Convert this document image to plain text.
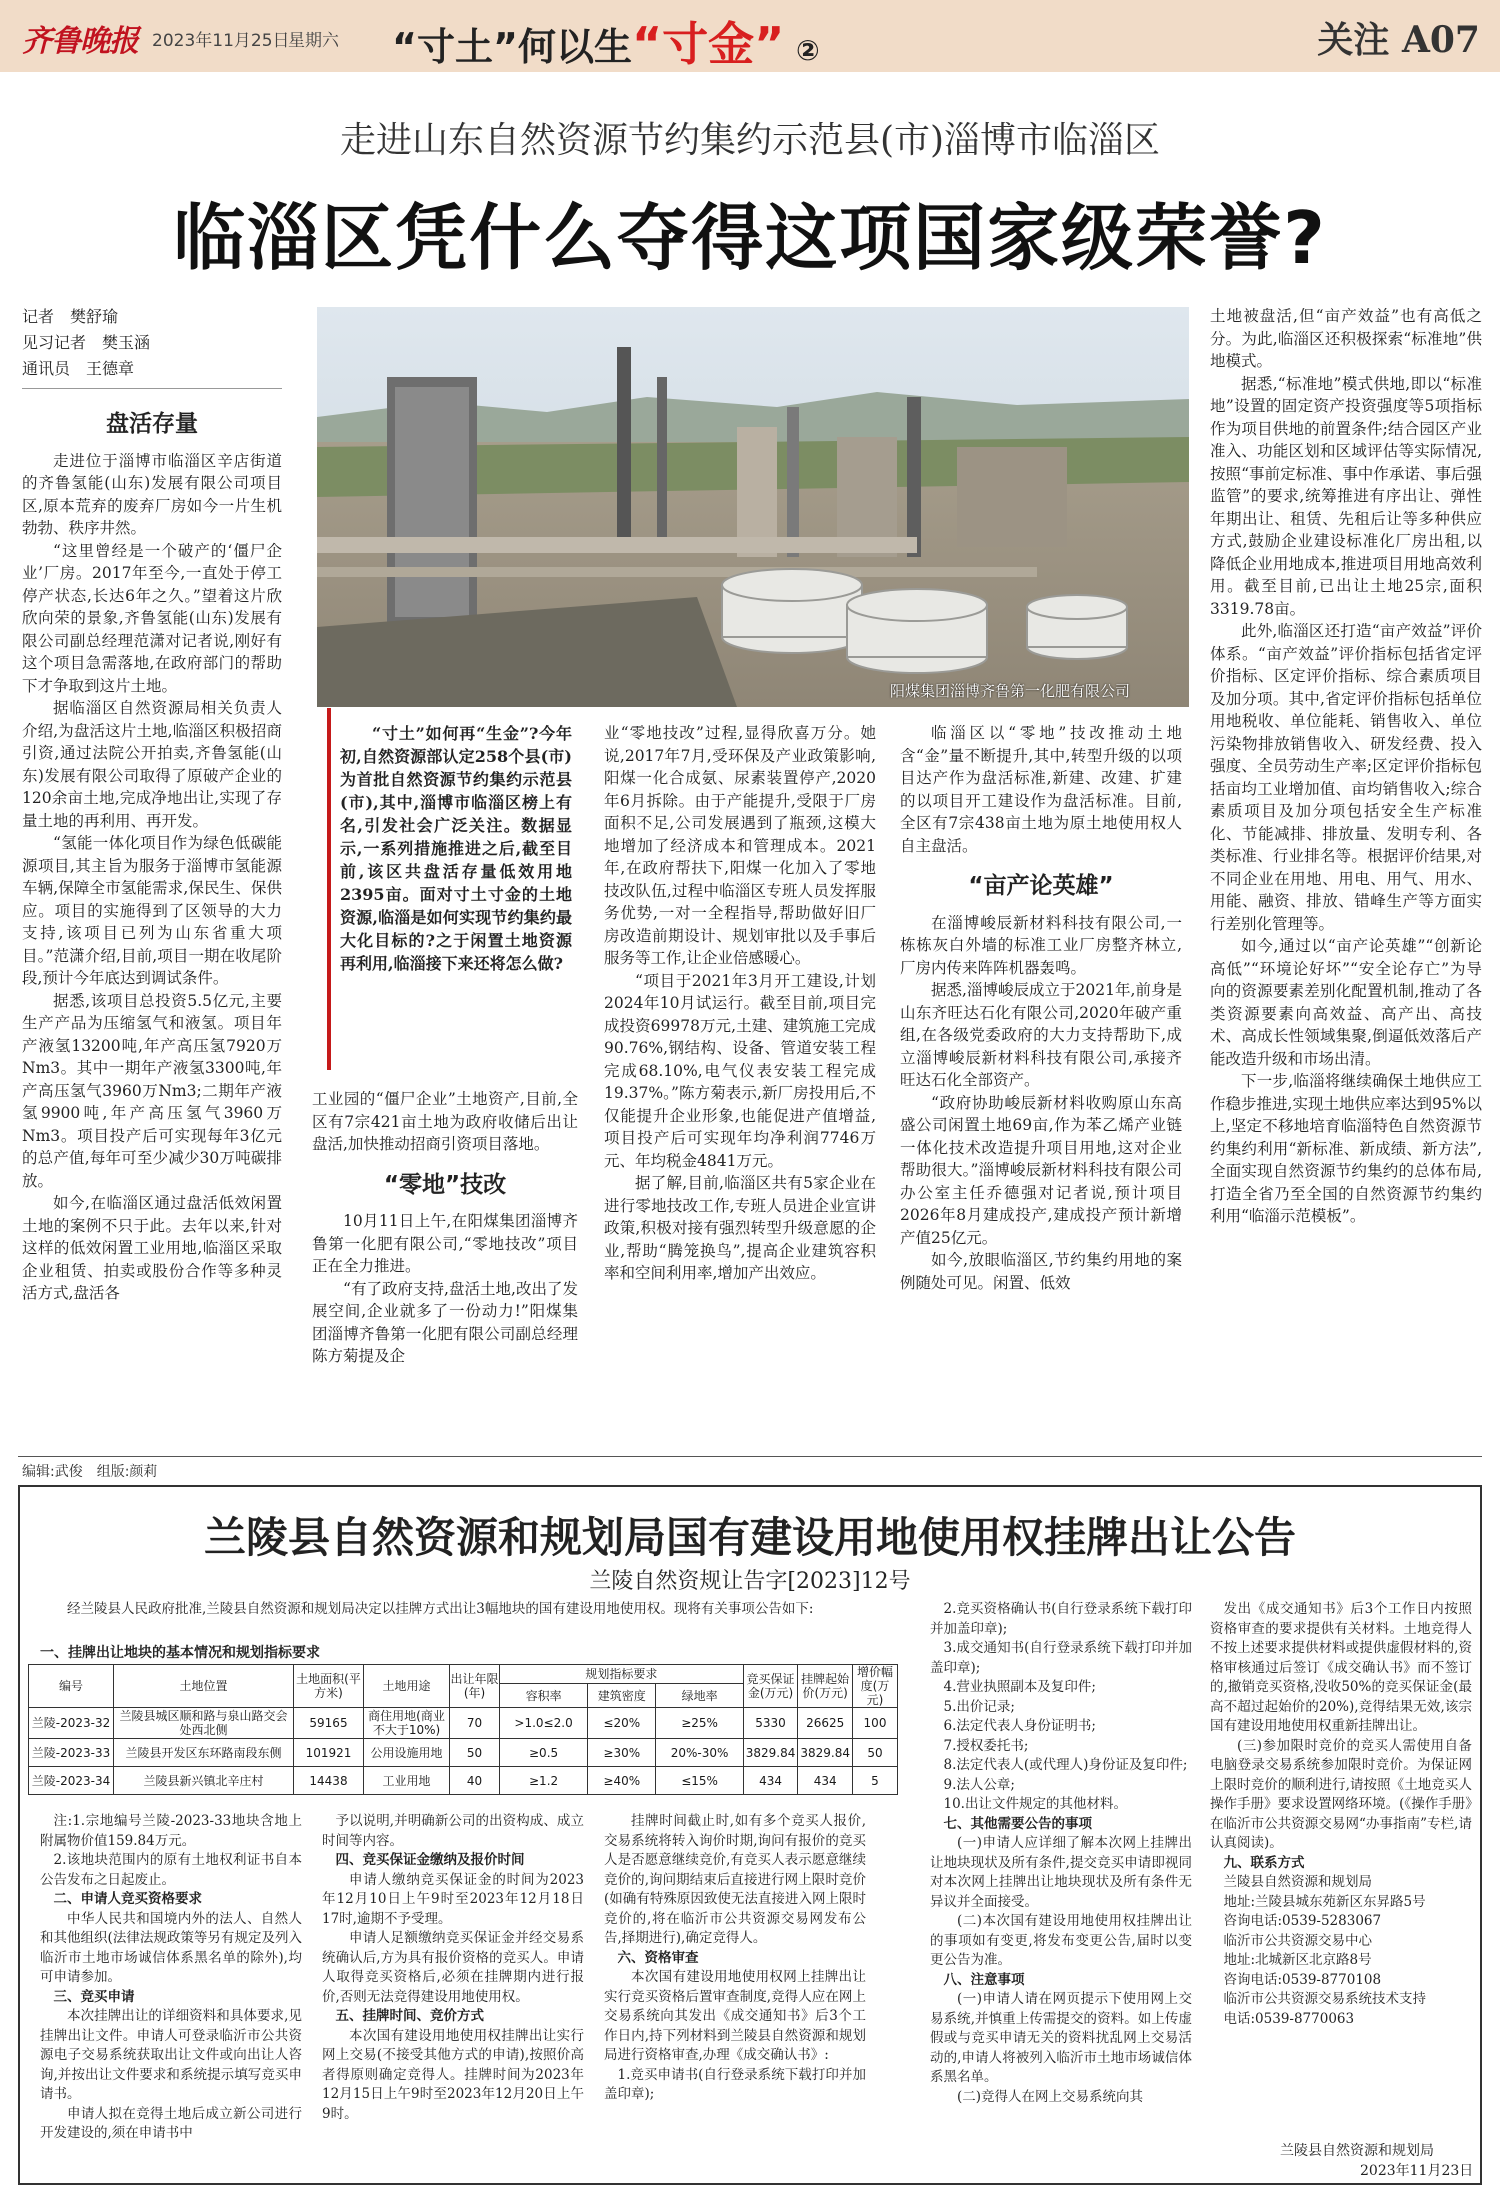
齐鲁晚报 2023年11月25日
星期六 “寸土”何以生“寸金” ②	关注 A07
走进山东自然资源节约集约示范县(市)淄博市临淄区
临淄区凭什么夺得这项国家级荣誉?
记者　樊舒瑜
见习记者　樊玉涵
通讯员　王德章
阳煤集团淄博齐鲁第一化肥有限公司
“寸土”如何再“生金”?今年初,自然资源部认定258个县(市)为首批自然资源节约集约示范县(市),其中,淄博市临淄区榜上有名,引发社会广泛关注。数据显示,一系列措施推进之后,截至目前,该区共盘活存量低效用地2395亩。面对寸土寸金的土地资源,临淄是如何实现节约集约最大化目标的?之于闲置土地资源再利用,临淄接下来还将怎么做?

盘活存量

走进位于淄博市临淄区辛店街道的齐鲁氢能(山东)发展有限公司项目区,原本荒弃的废弃厂房如今一片生机勃勃、秩序井然。

“这里曾经是一个破产的‘僵尸企业’厂房。2017年至今,一直处于停工停产状态,长达6年之久。”望着这片欣欣向荣的景象,齐鲁氢能(山东)发展有限公司副总经理范潇对记者说,刚好有这个项目急需落地,在政府部门的帮助下才争取到这片土地。

据临淄区自然资源局相关负责人介绍,为盘活这片土地,临淄区积极招商引资,通过法院公开拍卖,齐鲁氢能(山东)发展有限公司取得了原破产企业的120余亩土地,完成净地出让,实现了存量土地的再利用、再开发。

“氢能一体化项目作为绿色低碳能源项目,其主旨为服务于淄博市氢能源车辆,保障全市氢能需求,保民生、保供应。项目的实施得到了区领导的大力支持,该项目已列为山东省重大项目。”范潇介绍,目前,项目一期在收尾阶段,预计今年底达到调试条件。

据悉,该项目总投资5.5亿元,主要生产产品为压缩氢气和液氢。项目年产液氢13200吨,年产高压氢7920万Nm3。其中一期年产液氢3300吨,年产高压氢气3960万Nm3;二期年产液氢9900吨,年产高压氢气3960万Nm3。项目投产后可实现每年3亿元的总产值,每年可至少减少30万吨碳排放。

如今,在临淄区通过盘活低效闲置土地的案例不只于此。去年以来,针对这样的低效闲置工业用地,临淄区采取企业租赁、拍卖或股份合作等多种灵活方式,盘活各

工业园的“僵尸企业”土地资产,目前,全区有7宗421亩土地为政府收储后出让盘活,加快推动招商引资项目落地。

“零地”技改

10月11日上午,在阳煤集团淄博齐鲁第一化肥有限公司,“零地技改”项目正在全力推进。

“有了政府支持,盘活土地,改出了发展空间,企业就多了一份动力!”阳煤集团淄博齐鲁第一化肥有限公司副总经理陈方菊提及企

业“零地技改”过程,显得欣喜万分。她说,2017年7月,受环保及产业政策影响,阳煤一化合成氨、尿素装置停产,2020年6月拆除。由于产能提升,受限于厂房面积不足,公司发展遇到了瓶颈,这模大地增加了经济成本和管理成本。2021年,在政府帮扶下,阳煤一化加入了零地技改队伍,过程中临淄区专班人员发挥服务优势,一对一全程指导,帮助做好旧厂房改造前期设计、规划审批以及手事后服务等工作,让企业倍感暖心。

“项目于2021年3月开工建设,计划2024年10月试运行。截至目前,项目完成投资69978万元,土建、建筑施工完成90.76%,钢结构、设备、管道安装工程完成68.10%,电气仪表安装工程完成19.37%。”陈方菊表示,新厂房投用后,不仅能提升企业形象,也能促进产值增益,项目投产后可实现年均净利润7746万元、年均税金4841万元。

据了解,目前,临淄区共有5家企业在进行零地技改工作,专班人员进企业宣讲政策,积极对接有强烈转型升级意愿的企业,帮助“腾笼换鸟”,提高企业建筑容积率和空间利用率,增加产出效应。

临淄区以“零地”技改推动土地含“金”量不断提升,其中,转型升级的以项目达产作为盘活标准,新建、改建、扩建的以项目开工建设作为盘活标准。目前,全区有7宗438亩土地为原土地使用权人自主盘活。

“亩产论英雄”

在淄博峻辰新材料科技有限公司,一栋栋灰白外墙的标准工业厂房整齐林立,厂房内传来阵阵机器轰鸣。

据悉,淄博峻辰成立于2021年,前身是山东齐旺达石化有限公司,2020年破产重组,在各级党委政府的大力支持帮助下,成立淄博峻辰新材料科技有限公司,承接齐旺达石化全部资产。

“政府协助峻辰新材料收购原山东高盛公司闲置土地69亩,作为苯乙烯产业链一体化技术改造提升项目用地,这对企业帮助很大。”淄博峻辰新材料科技有限公司办公室主任乔德强对记者说,预计项目2026年8月建成投产,建成投产预计新增产值25亿元。

如今,放眼临淄区,节约集约用地的案例随处可见。闲置、低效

土地被盘活,但“亩产效益”也有高低之分。为此,临淄区还积极探索“标准地”供地模式。

据悉,“标准地”模式供地,即以“标准地”设置的固定资产投资强度等5项指标作为项目供地的前置条件;结合园区产业准入、功能区划和区域评估等实际情况,按照“事前定标准、事中作承诺、事后强监管”的要求,统筹推进有序出让、弹性年期出让、租赁、先租后让等多种供应方式,鼓励企业建设标准化厂房出租,以降低企业用地成本,推进项目用地高效利用。截至目前,已出让土地25宗,面积3319.78亩。

此外,临淄区还打造“亩产效益”评价体系。“亩产效益”评价指标包括省定评价指标、区定评价指标、综合素质项目及加分项。其中,省定评价指标包括单位用地税收、单位能耗、销售收入、单位污染物排放销售收入、研发经费、投入强度、全员劳动生产率;区定评价指标包括亩均工业增加值、亩均销售收入;综合素质项目及加分项包括安全生产标准化、节能减排、排放量、发明专利、各类标准、行业排名等。根据评价结果,对不同企业在用地、用电、用气、用水、用能、融资、排放、错峰生产等方面实行差别化管理等。

如今,通过以“亩产论英雄”“创新论高低”“环境论好坏”“安全论存亡”为导向的资源要素差别化配置机制,推动了各类资源要素向高效益、高产出、高技术、高成长性领域集聚,倒逼低效落后产能改造升级和市场出清。

下一步,临淄将继续确保土地供应工作稳步推进,实现土地供应率达到95%以上,坚定不移地培育临淄特色自然资源节约集约利用“新标准、新成绩、新方法”,全面实现自然资源节约集约的总体布局,打造全省乃至全国的自然资源节约集约利用“临淄示范模板”。

编辑:武俊　组版:颜莉
兰陵县自然资源和规划局国有建设用地使用权挂牌出让公告
兰陵自然资规让告字[2023]12号
经兰陵县人民政府批准,兰陵县自然资源和规划局决定以挂牌方式出让3幅地块的国有建设用地使用权。现将有关事项公告如下:
一、挂牌出让地块的基本情况和规划指标要求
编号	土地位置	土地面积(平方米)	土地用途	出让年限(年)	规划指标要求			竞买保证金(万元)	挂牌起始价(万元)	增价幅度(万元)
					容积率	建筑密度	绿地率			
兰陵-2023-32	兰陵县城区顺和路与泉山路交会处西北侧	59165	商住用地(商业不大于10%)	70	>1.0≤2.0	≤20%	≥25%	5330	26625	100
兰陵-2023-33	兰陵县开发区东环路南段东侧	101921	公用设施用地	50	≥0.5	≥30%	20%-30%	3829.84	3829.84	50
兰陵-2023-34	兰陵县新兴镇北辛庄村	14438	工业用地	40	≥1.2	≥40%	≤15%	434	434	5

注:1.宗地编号兰陵-2023-33地块含地上附属物价值159.84万元。

2.该地块范围内的原有土地权利证书自本公告发布之日起废止。

二、申请人竞买资格要求

中华人民共和国境内外的法人、自然人和其他组织(法律法规政策等另有规定及列入临沂市土地市场诚信体系黑名单的除外),均可申请参加。

三、竞买申请

本次挂牌出让的详细资料和具体要求,见挂牌出让文件。申请人可登录临沂市公共资源电子交易系统获取出让文件或向出让人咨询,并按出让文件要求和系统提示填写竞买申请书。

申请人拟在竞得土地后成立新公司进行开发建设的,须在申请书中

予以说明,并明确新公司的出资构成、成立时间等内容。

四、竞买保证金缴纳及报价时间

申请人缴纳竞买保证金的时间为2023年12月10日上午9时至2023年12月18日17时,逾期不予受理。

申请人足额缴纳竞买保证金并经交易系统确认后,方为具有报价资格的竞买人。申请人取得竞买资格后,必须在挂牌期内进行报价,否则无法竞得建设用地使用权。

五、挂牌时间、竞价方式

本次国有建设用地使用权挂牌出让实行网上交易(不接受其他方式的申请),按照价高者得原则确定竞得人。挂牌时间为2023年12月15日上午9时至2023年12月20日上午9时。

挂牌时间截止时,如有多个竞买人报价,交易系统将转入询价时期,询问有报价的竞买人是否愿意继续竞价,有竞买人表示愿意继续竞价的,询问期结束后直接进行网上限时竞价(如确有特殊原因致使无法直接进入网上限时竞价的,将在临沂市公共资源交易网发布公告,择期进行),确定竞得人。

六、资格审查

本次国有建设用地使用权网上挂牌出让实行竞买资格后置审查制度,竞得人应在网上交易系统向其发出《成交通知书》后3个工作日内,持下列材料到兰陵县自然资源和规划局进行资格审查,办理《成交确认书》:

1.竞买申请书(自行登录系统下载打印并加盖印章);

2.竞买资格确认书(自行登录系统下载打印并加盖印章);

3.成交通知书(自行登录系统下载打印并加盖印章);

4.营业执照副本及复印件;

5.出价记录;

6.法定代表人身份证明书;

7.授权委托书;

8.法定代表人(或代理人)身份证及复印件;

9.法人公章;

10.出让文件规定的其他材料。

七、其他需要公告的事项

(一)申请人应详细了解本次网上挂牌出让地块现状及所有条件,提交竞买申请即视同对本次网上挂牌出让地块现状及所有条件无异议并全面接受。

(二)本次国有建设用地使用权挂牌出让的事项如有变更,将发布变更公告,届时以变更公告为准。

八、注意事项

(一)申请人请在网页提示下使用网上交易系统,并慎重上传需提交的资料。如上传虚假或与竞买申请无关的资料扰乱网上交易活动的,申请人将被列入临沂市土地市场诚信体系黑名单。

(二)竞得人在网上交易系统向其

发出《成交通知书》后3个工作日内按照资格审查的要求提供有关材料。土地竞得人不按上述要求提供材料或提供虚假材料的,资格审核通过后签订《成交确认书》而不签订的,撤销竞买资格,没收50%的竞买保证金(最高不超过起始价的20%),竞得结果无效,该宗国有建设用地使用权重新挂牌出让。

(三)参加限时竞价的竞买人需使用自备电脑登录交易系统参加限时竞价。为保证网上限时竞价的顺利进行,请按照《土地竞买人操作手册》要求设置网络环境。(《操作手册》在临沂市公共资源交易网“办事指南”专栏,请认真阅读)。

九、联系方式

兰陵县自然资源和规划局

地址:兰陵县城东苑新区东昇路5号

咨询电话:0539-5283067

临沂市公共资源交易中心

地址:北城新区北京路8号

咨询电话:0539-8770108

临沂市公共资源交易系统技术支持

电话:0539-8770063

兰陵县自然资源和规划局
2023年11月23日
